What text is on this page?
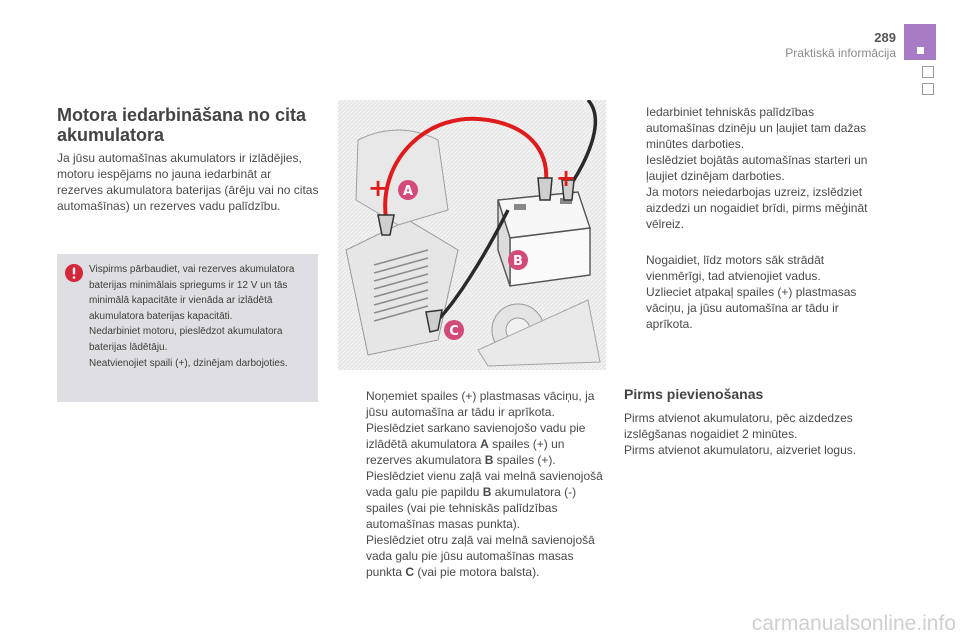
289
Praktiskā informācija
Motora iedarbināšana no cita akumulatora
Ja jūsu automašīnas akumulators ir izlādējies, motoru iespējams no jauna iedarbināt ar rezerves akumulatora baterijas (ārēju vai no citas automašīnas) un rezerves vadu palīdzību.
Vispirms pārbaudiet, vai rezerves akumulatora baterijas minimālais spriegums ir 12 V un tās minimālā kapacitāte ir vienāda ar izlādētā akumulatora baterijas kapacitāti.
Nedarbiniet motoru, pieslēdzot akumulatora baterijas lādētāju.
Neatvienojiet spaili (+), dzinējam darbojoties.
+	+
A
B
C
Noņemiet spailes (+) plastmasas vāciņu, ja jūsu automašīna ar tādu ir aprīkota.
Pieslēdziet sarkano savienojošo vadu pie izlādētā akumulatora A spailes (+) un rezerves akumulatora B spailes (+).
Pieslēdziet vienu zaļā vai melnā savienojošā vada galu pie papildu B akumulatora (-) spailes (vai pie tehniskās palīdzības automašīnas masas punkta).
Pieslēdziet otru zaļā vai melnā savienojošā vada galu pie jūsu automašīnas masas punkta C (vai pie motora balsta).
Iedarbiniet tehniskās palīdzības automašīnas dzinēju un ļaujiet tam dažas minūtes darboties.
Ieslēdziet bojātās automašīnas starteri un ļaujiet dzinējam darboties.
Ja motors neiedarbojas uzreiz, izslēdziet aizdedzi un nogaidiet brīdi, pirms mēģināt vēlreiz.
Nogaidiet, līdz motors sāk strādāt vienmērīgi, tad atvienojiet vadus.
Uzlieciet atpakaļ spailes (+) plastmasas vāciņu, ja jūsu automašīna ar tādu ir aprīkota.
Pirms pievienošanas
Pirms atvienot akumulatoru, pēc aizdedzes izslēgšanas nogaidiet 2 minūtes.
Pirms atvienot akumulatoru, aizveriet logus.
carmanualsonline.info
